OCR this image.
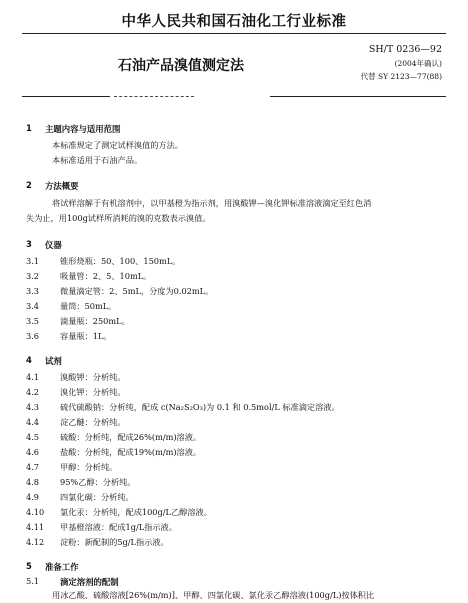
中华人民共和国石油化工行业标准
石油产品溴值测定法
SH/T 0236—92
(2004年确认)
代替 SY 2123—77(88)
1 主题内容与适用范围
本标准规定了测定试样溴值的方法。
本标准适用于石油产品。
2 方法概要
将试样溶解于有机溶剂中，以甲基橙为指示剂，用溴酸钾—溴化钾标准溶液滴定至红色消
失为止，用100g试样所消耗的溴的克数表示溴值。
3 仪器
3.1	锥形烧瓶：50、100、150mL。
3.2	吸量管：2、5、10mL。
3.3	微量滴定管：2、5mL，分度为0.02mL。
3.4	量筒：50mL。
3.5	滴量瓶：250mL。
3.6	容量瓶：1L。
4 试剂
4.1	溴酸钾：分析纯。
4.2	溴化钾：分析纯。
4.3	硫代硫酸钠：分析纯，配成 c(Na₂S₂O₃)为 0.1 和 0.5mol/L 标准滴定溶液。
4.4	淀乙醚：分析纯。
4.5	硫酸：分析纯，配成26%(m/m)溶液。
4.6	盐酸：分析纯，配成19%(m/m)溶液。
4.7	甲醇：分析纯。
4.8	95%乙醇：分析纯。
4.9	四氯化碳：分析纯。
4.10 氯化汞：分析纯，配成100g/L乙醇溶液。
4.11 甲基橙溶液：配成1g/L指示液。
4.12 淀粉：新配制的5g/L指示液。
5 准备工作
5.1 滴定溶剂的配制
用冰乙酸、硫酸溶液[26%(m/m)]、甲醇、四氯化碳、氯化汞乙醇溶液(100g/L)按体积比
